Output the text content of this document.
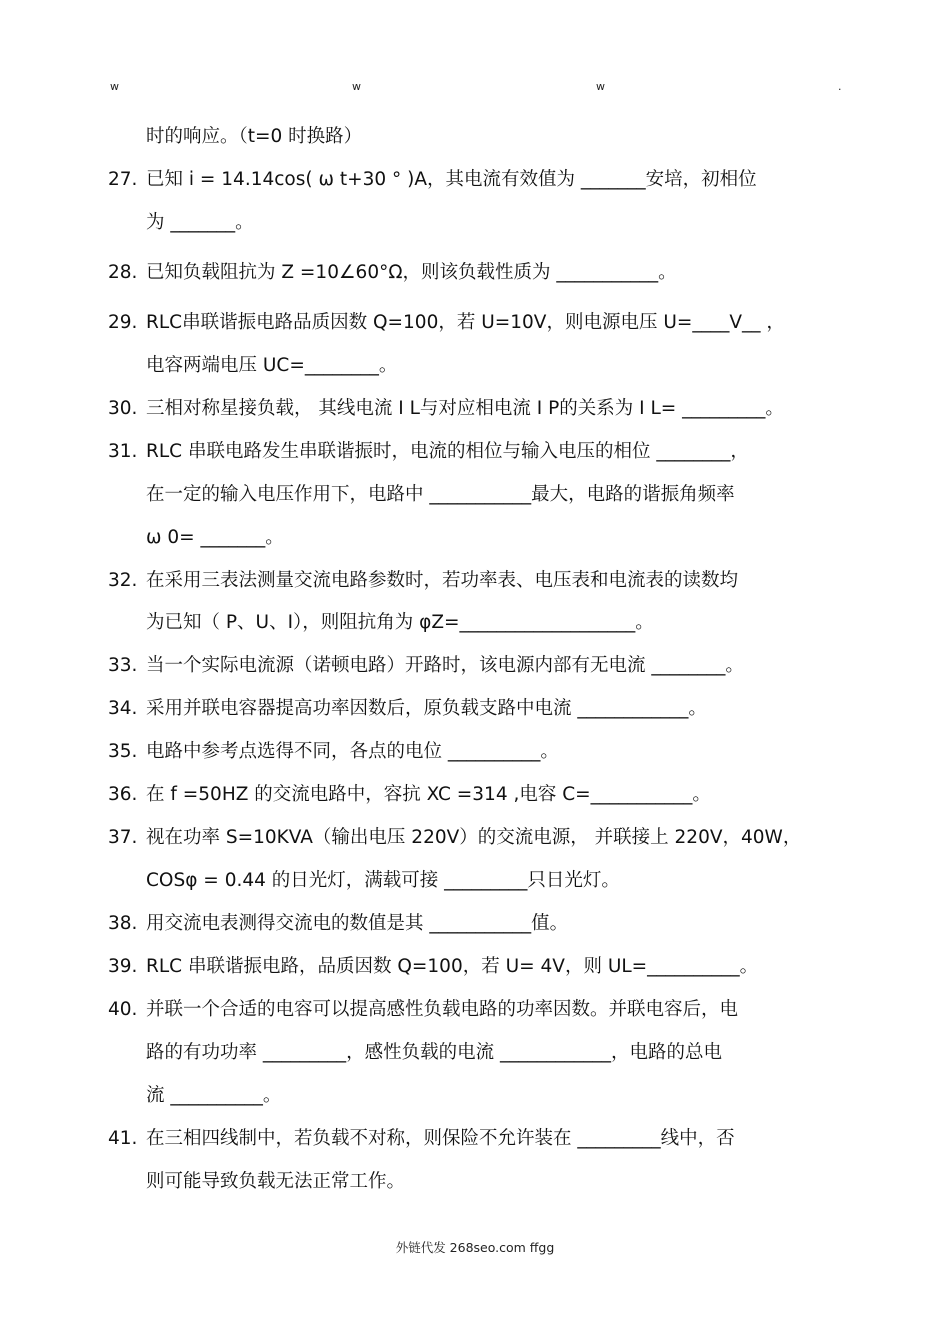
w	w	w	.
时的响应。（t=0 时换路）
27. 已知 i = 14.14cos( ω t+30 ° )A，其电流有效值为 _______安培，初相位
为 _______。
28. 已知负载阻抗为 Z =10∠60°Ω，则该负载性质为 ___________。
29. RLC串联谐振电路品质因数 Q=100，若 U=10V，则电源电压 U=____V__ ，
电容两端电压 UC=________。
30. 三相对称星接负载， 其线电流 I L与对应相电流 I P的关系为 I L= _________。
31. RLC 串联电路发生串联谐振时，电流的相位与输入电压的相位 ________，
在一定的输入电压作用下，电路中 ___________最大，电路的谐振角频率
ω 0= _______。
32. 在采用三表法测量交流电路参数时，若功率表、电压表和电流表的读数均
为已知（ P、U、I），则阻抗角为 φZ=___________________。
33. 当一个实际电流源（诺顿电路）开路时，该电源内部有无电流 ________。
34. 采用并联电容器提高功率因数后，原负载支路中电流 ____________。
35. 电路中参考点选得不同，各点的电位 __________。
36. 在 f =50HZ 的交流电路中，容抗 XC =314 ,电容 C=___________。
37. 视在功率 S=10KVA（输出电压 220V）的交流电源， 并联接上 220V，40W，
COSφ = 0.44 的日光灯，满载可接 _________只日光灯。
38. 用交流电表测得交流电的数值是其 ___________值。
39. RLC 串联谐振电路，品质因数 Q=100，若 U= 4V，则 UL=__________。
40. 并联一个合适的电容可以提高感性负载电路的功率因数。并联电容后，电
路的有功功率 _________，感性负载的电流 ____________，电路的总电
流 __________。
41. 在三相四线制中，若负载不对称，则保险不允许装在 _________线中，否
则可能导致负载无法正常工作。
外链代发 268seo.com ffgg
